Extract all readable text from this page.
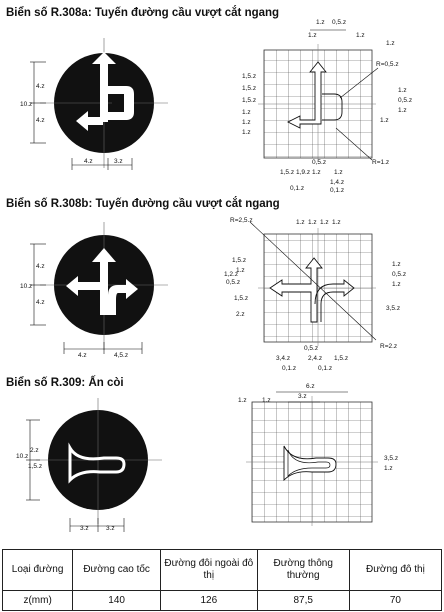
Biển số R.308a: Tuyến đường cầu vượt cắt ngang
4.z
10.z
4.z
4.z	3.z
1.z
1.z
0,5.z
1.z
1.z
1,5.z
1,5.z
1,5.z
1.z
1.z
1.z
R=0,5.z
1.z
0,5.z
1.z
1.z
0,5.z
1,5.z 1,9.z 1.z 1.z
1,4.z
0,1.z	0,1.z
R=1.z
4.z
10.z
4.z
4.z	4,5.z
R=2,5.z	1.z 1.z 1.z 1.z
1,5.z
1.z
1,2.z
0,5.z
1,5.z
2.z
1.z
0,5.z
1.z
3,5.z
R=2.z
0,5.z
3,4.z	2,4.z 1,5.z
0,1.z	0,1.z
10.z
2.z
1,5.z
3.z	3.z
6.z
1.z
3.z
1.z
3,5.z
1.z
Biển số R.308b: Tuyến đường cầu vượt cắt ngang
Biển số R.309: Ấn còi
Loại đường	Đường cao tốc	Đường đôi ngoài đô thị	Đường thông thường	Đường đô thị
z(mm)	140	126	87,5	70
